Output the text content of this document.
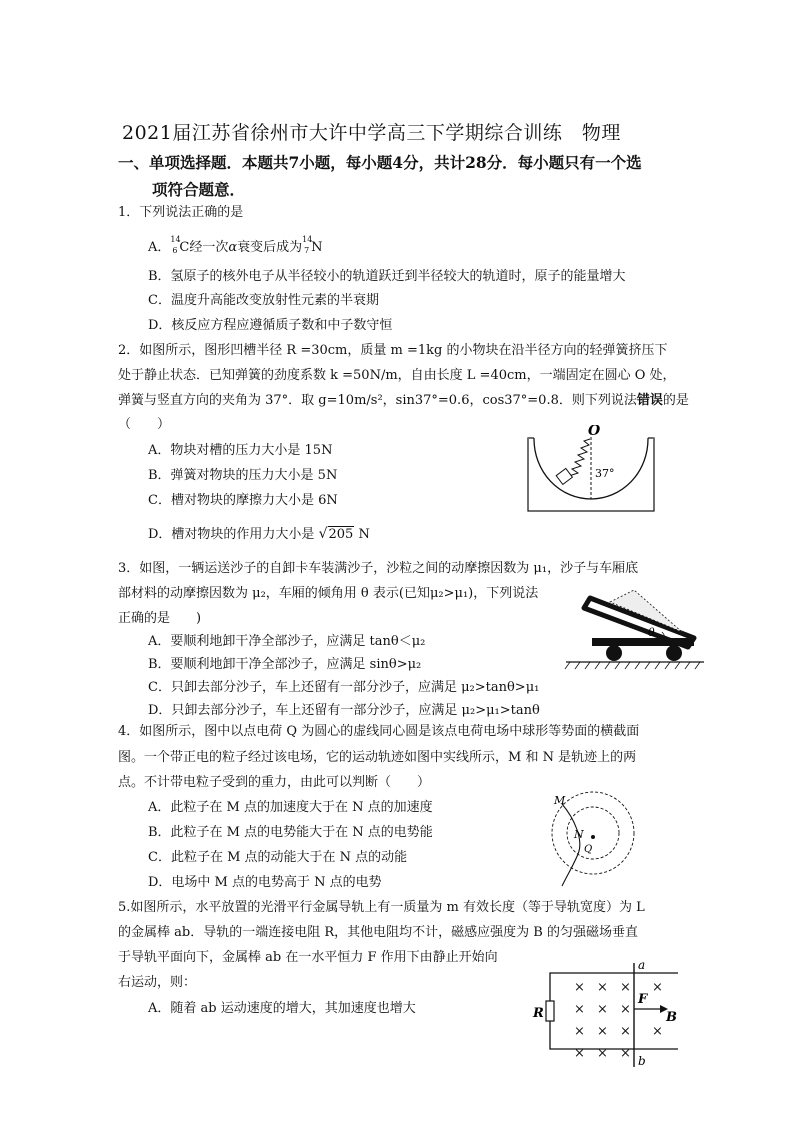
2021届江苏省徐州市大许中学高三下学期综合训练　物理
一、单项选择题．本题共7小题，每小题4分，共计28分．每小题只有一个选
项符合题意．
1．下列说法正确的是
A．
14
6 C经一次α衰变后成为
14
7 N
B．氢原子的核外电子从半径较小的轨道跃迁到半径较大的轨道时，原子的能量增大
C．温度升高能改变放射性元素的半衰期
D．核反应方程应遵循质子数和中子数守恒
2．如图所示，图形凹槽半径 R =30cm，质量 m =1kg 的小物块在沿半径方向的轻弹簧挤压下
处于静止状态．已知弹簧的劲度系数 k =50N/m，自由长度 L =40cm，一端固定在圆心 O 处，
弹簧与竖直方向的夹角为 37°．取 g=10m/s²，sin37°=0.6，cos37°=0.8．则下列说法错误的是
（　　）
A．物块对槽的压力大小是 15N
B．弹簧对物块的压力大小是 5N
C．槽对物块的摩擦力大小是 6N
D．槽对物块的作用力大小是 √205 N
O
37°
3．如图，一辆运送沙子的自卸卡车装满沙子，沙粒之间的动摩擦因数为 μ₁，沙子与车厢底
部材料的动摩擦因数为 μ₂，车厢的倾角用 θ 表示(已知μ₂>μ₁)，下列说法
正确的是　　)
A．要顺利地卸干净全部沙子，应满足 tanθ＜μ₂
B．要顺利地卸干净全部沙子，应满足 sinθ>μ₂
C．只卸去部分沙子，车上还留有一部分沙子，应满足 μ₂>tanθ>μ₁
D．只卸去部分沙子，车上还留有一部分沙子，应满足 μ₂>μ₁>tanθ
θ
4．如图所示，图中以点电荷 Q 为圆心的虚线同心圆是该点电荷电场中球形等势面的横截面
图。一个带正电的粒子经过该电场，它的运动轨迹如图中实线所示，M 和 N 是轨迹上的两
点。不计带电粒子受到的重力，由此可以判断（　　）
A．此粒子在 M 点的加速度大于在 N 点的加速度
B．此粒子在 M 点的电势能大于在 N 点的电势能
C．此粒子在 M 点的动能大于在 N 点的动能
D．电场中 M 点的电势高于 N 点的电势
M
N
Q
5.如图所示，水平放置的光滑平行金属导轨上有一质量为 m 有效长度（等于导轨宽度）为 L
的金属棒 ab．导轨的一端连接电阻 R，其他电阻均不计，磁感应强度为 B 的匀强磁场垂直
于导轨平面向下，金属棒 ab 在一水平恒力 F 作用下由静止开始向
右运动，则：
A．随着 ab 运动速度的增大，其加速度也增大	R
a
b
F
B
× × × ×
× × ×
× × × ×
× × ×
